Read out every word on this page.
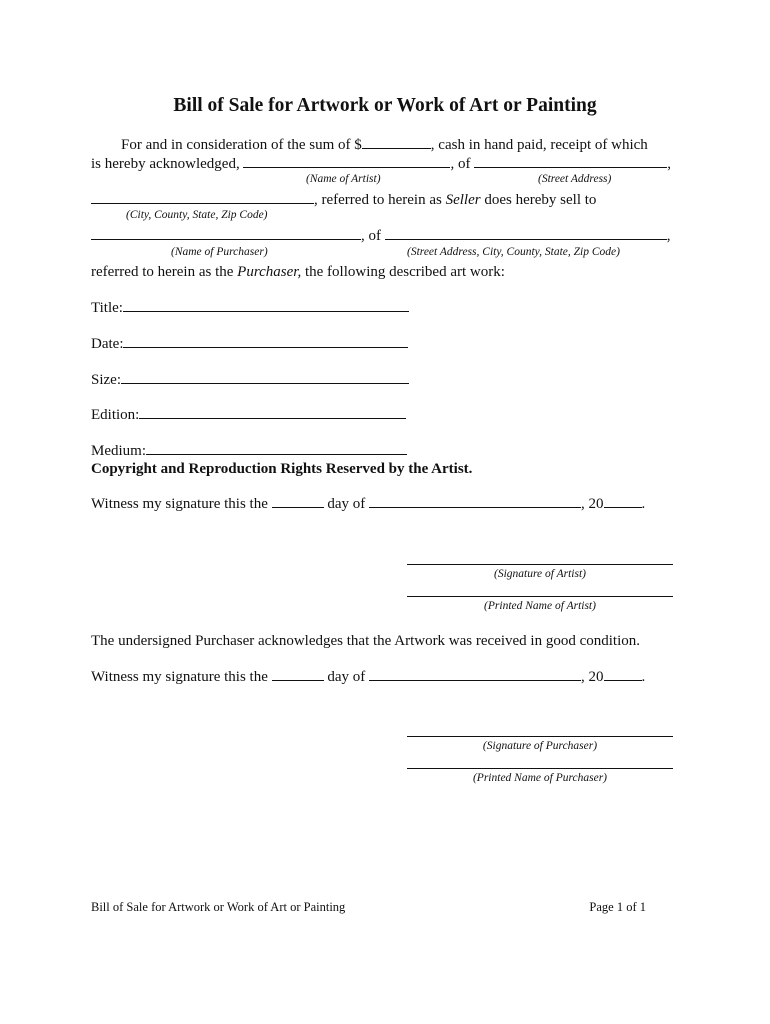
Bill of Sale for Artwork or Work of Art or Painting
For and in consideration of the sum of $	, cash in hand paid, receipt of which
is hereby acknowledged,	, of	,
(Name of Artist)	(Street Address)
, referred to herein as Seller does hereby sell to
(City, County, State, Zip Code)
, of	,
(Name of Purchaser)	(Street Address, City, County, State, Zip Code)
referred to herein as the Purchaser, the following described art work:
Title:
Date:
Size:
Edition:
Medium:
Copyright and Reproduction Rights Reserved by the Artist.
Witness my signature this the	day of	, 20	.
(Signature of Artist)
(Printed Name of Artist)
The undersigned Purchaser acknowledges that the Artwork was received in good condition.
Witness my signature this the	day of	, 20	.
(Signature of Purchaser)
(Printed Name of Purchaser)
Bill of Sale for Artwork or Work of Art or Painting	Page 1 of 1
